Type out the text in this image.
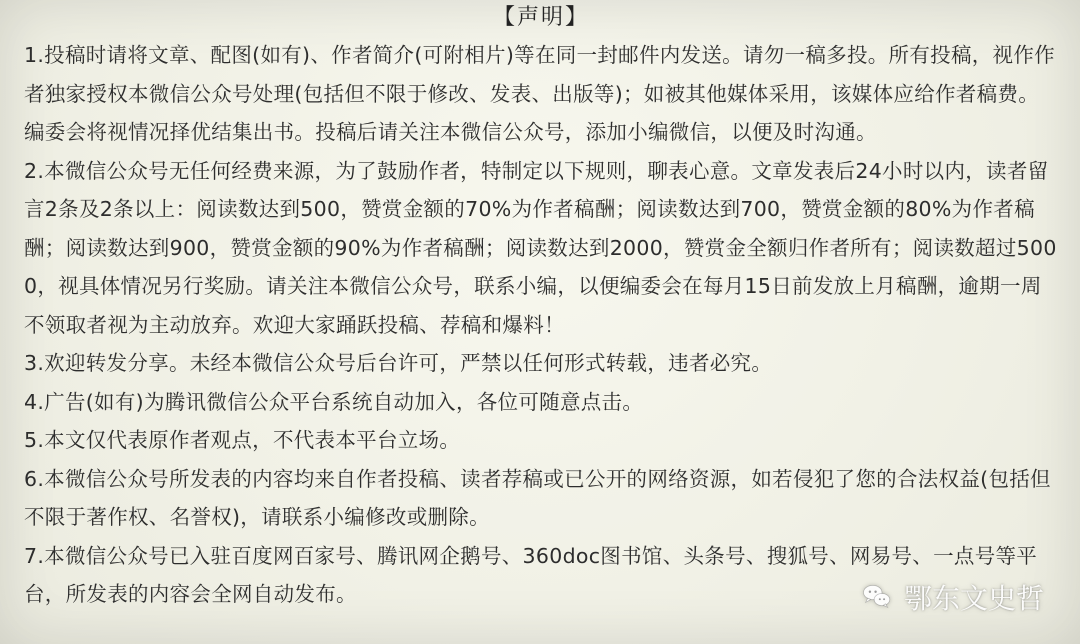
【声明】

1.投稿时请将文章、配图(如有)、作者简介(可附相片)等在同一封邮件内发送。请勿一稿多投。所有投稿，视作作者独家授权本微信公众号处理(包括但不限于修改、发表、出版等)；如被其他媒体采用，该媒体应给作者稿费。编委会将视情况择优结集出书。投稿后请关注本微信公众号，添加小编微信，以便及时沟通。

2.本微信公众号无任何经费来源，为了鼓励作者，特制定以下规则，聊表心意。文章发表后24小时以内，读者留言2条及2条以上：阅读数达到500，赞赏金额的70%为作者稿酬；阅读数达到700，赞赏金额的80%为作者稿酬；阅读数达到900，赞赏金额的90%为作者稿酬；阅读数达到2000，赞赏金全额归作者所有；阅读数超过5000，视具体情况另行奖励。请关注本微信公众号，联系小编，以便编委会在每月15日前发放上月稿酬，逾期一周不领取者视为主动放弃。欢迎大家踊跃投稿、荐稿和爆料！

3.欢迎转发分享。未经本微信公众号后台许可，严禁以任何形式转载，违者必究。

4.广告(如有)为腾讯微信公众平台系统自动加入，各位可随意点击。

5.本文仅代表原作者观点，不代表本平台立场。

6.本微信公众号所发表的内容均来自作者投稿、读者荐稿或已公开的网络资源，如若侵犯了您的合法权益(包括但不限于著作权、名誉权)，请联系小编修改或删除。

7.本微信公众号已入驻百度网百家号、腾讯网企鹅号、360doc图书馆、头条号、搜狐号、网易号、一点号等平台，所发表的内容会全网自动发布。	鄂东文史哲
